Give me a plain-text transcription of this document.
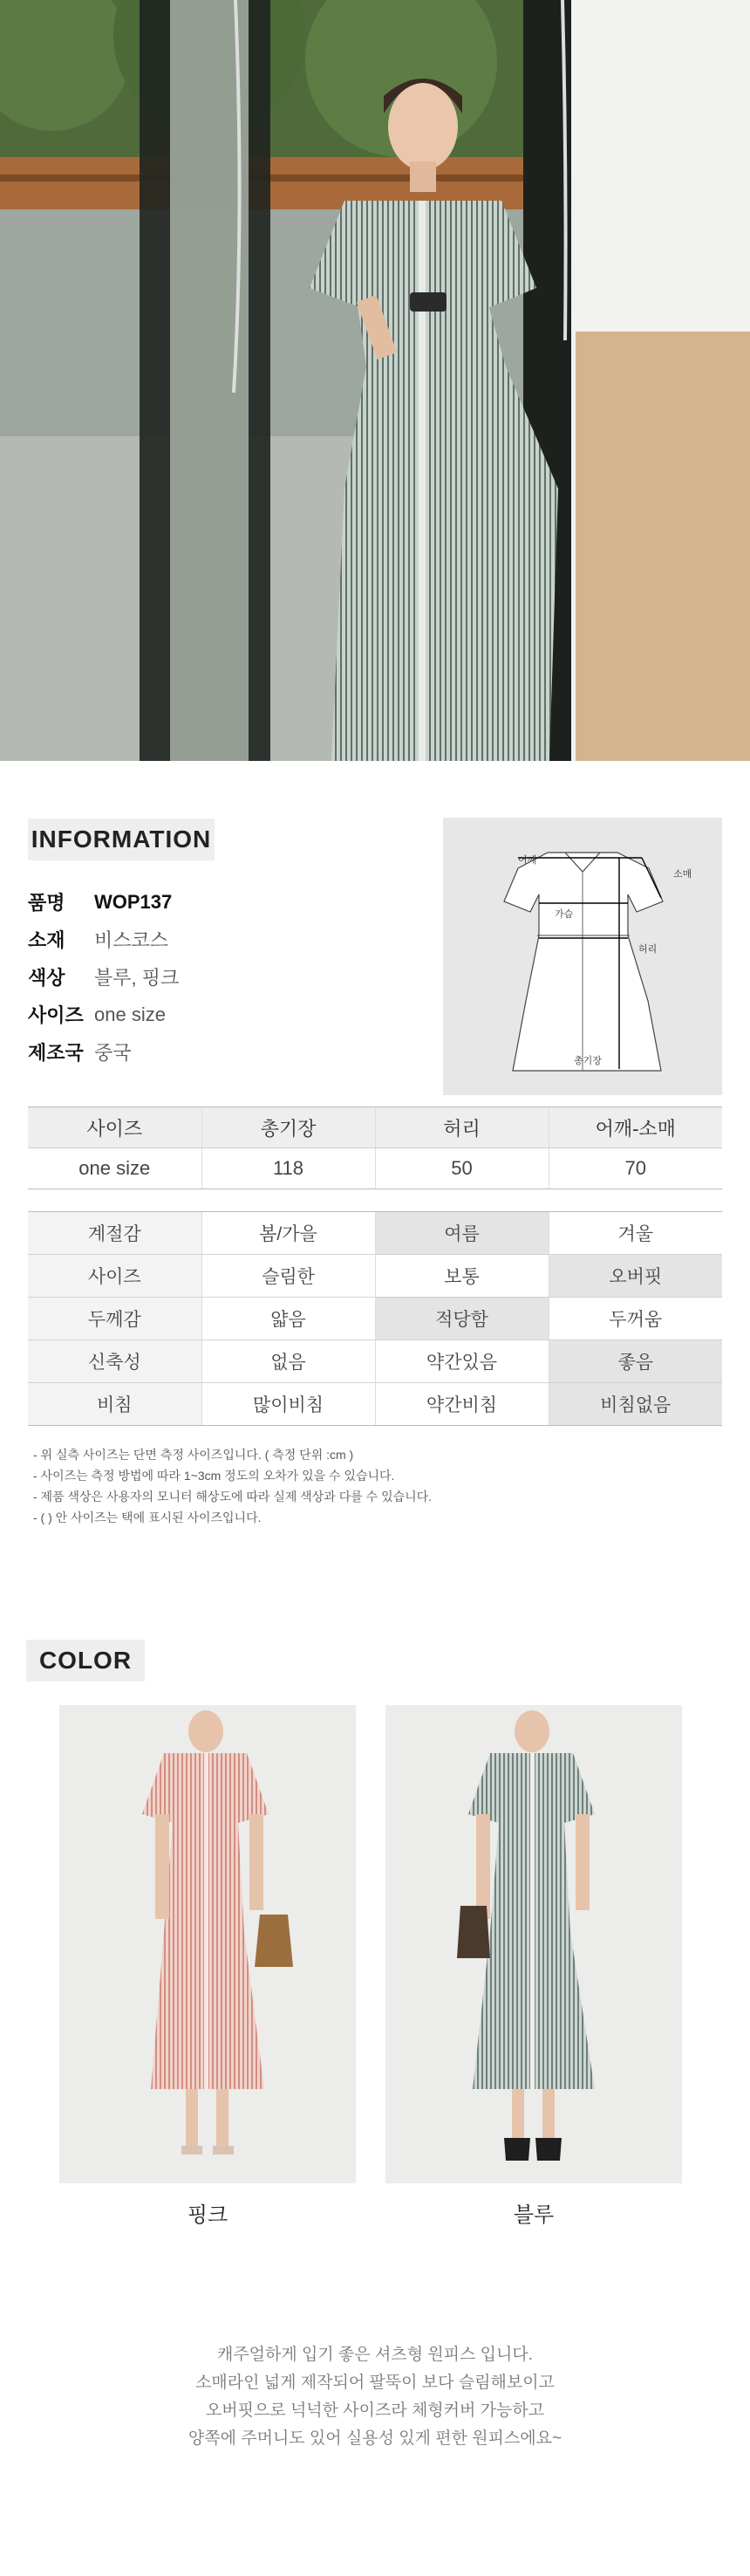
INFORMATION
품명	WOP137
소재	비스코스
색상	블루, 핑크
사이즈 one size
제조국 중국
어깨
소매
가슴
허리
총기장
사이즈	총기장	허리	어깨-소매
one size	118	50	70
계절감	봄/가을	여름	겨울
사이즈	슬림한	보통	오버핏
두께감	얇음	적당함	두꺼움
신축성	없음	약간있음	좋음
비침	많이비침	약간비침	비침없음
- 위 실측 사이즈는 단면 측정 사이즈입니다. ( 측정 단위 :cm )
- 사이즈는 측정 방법에 따라 1~3cm 정도의 오차가 있을 수 있습니다.
- 제품 색상은 사용자의 모니터 해상도에 따라 실제 색상과 다를 수 있습니다.
- ( ) 안 사이즈는 택에 표시된 사이즈입니다.
COLOR
핑크	블루
캐주얼하게 입기 좋은 셔츠형 원피스 입니다.
소매라인 넓게 제작되어 팔뚝이 보다 슬림해보이고
오버핏으로 넉넉한 사이즈라 체형커버 가능하고
양쪽에 주머니도 있어 실용성 있게 편한 원피스에요~
